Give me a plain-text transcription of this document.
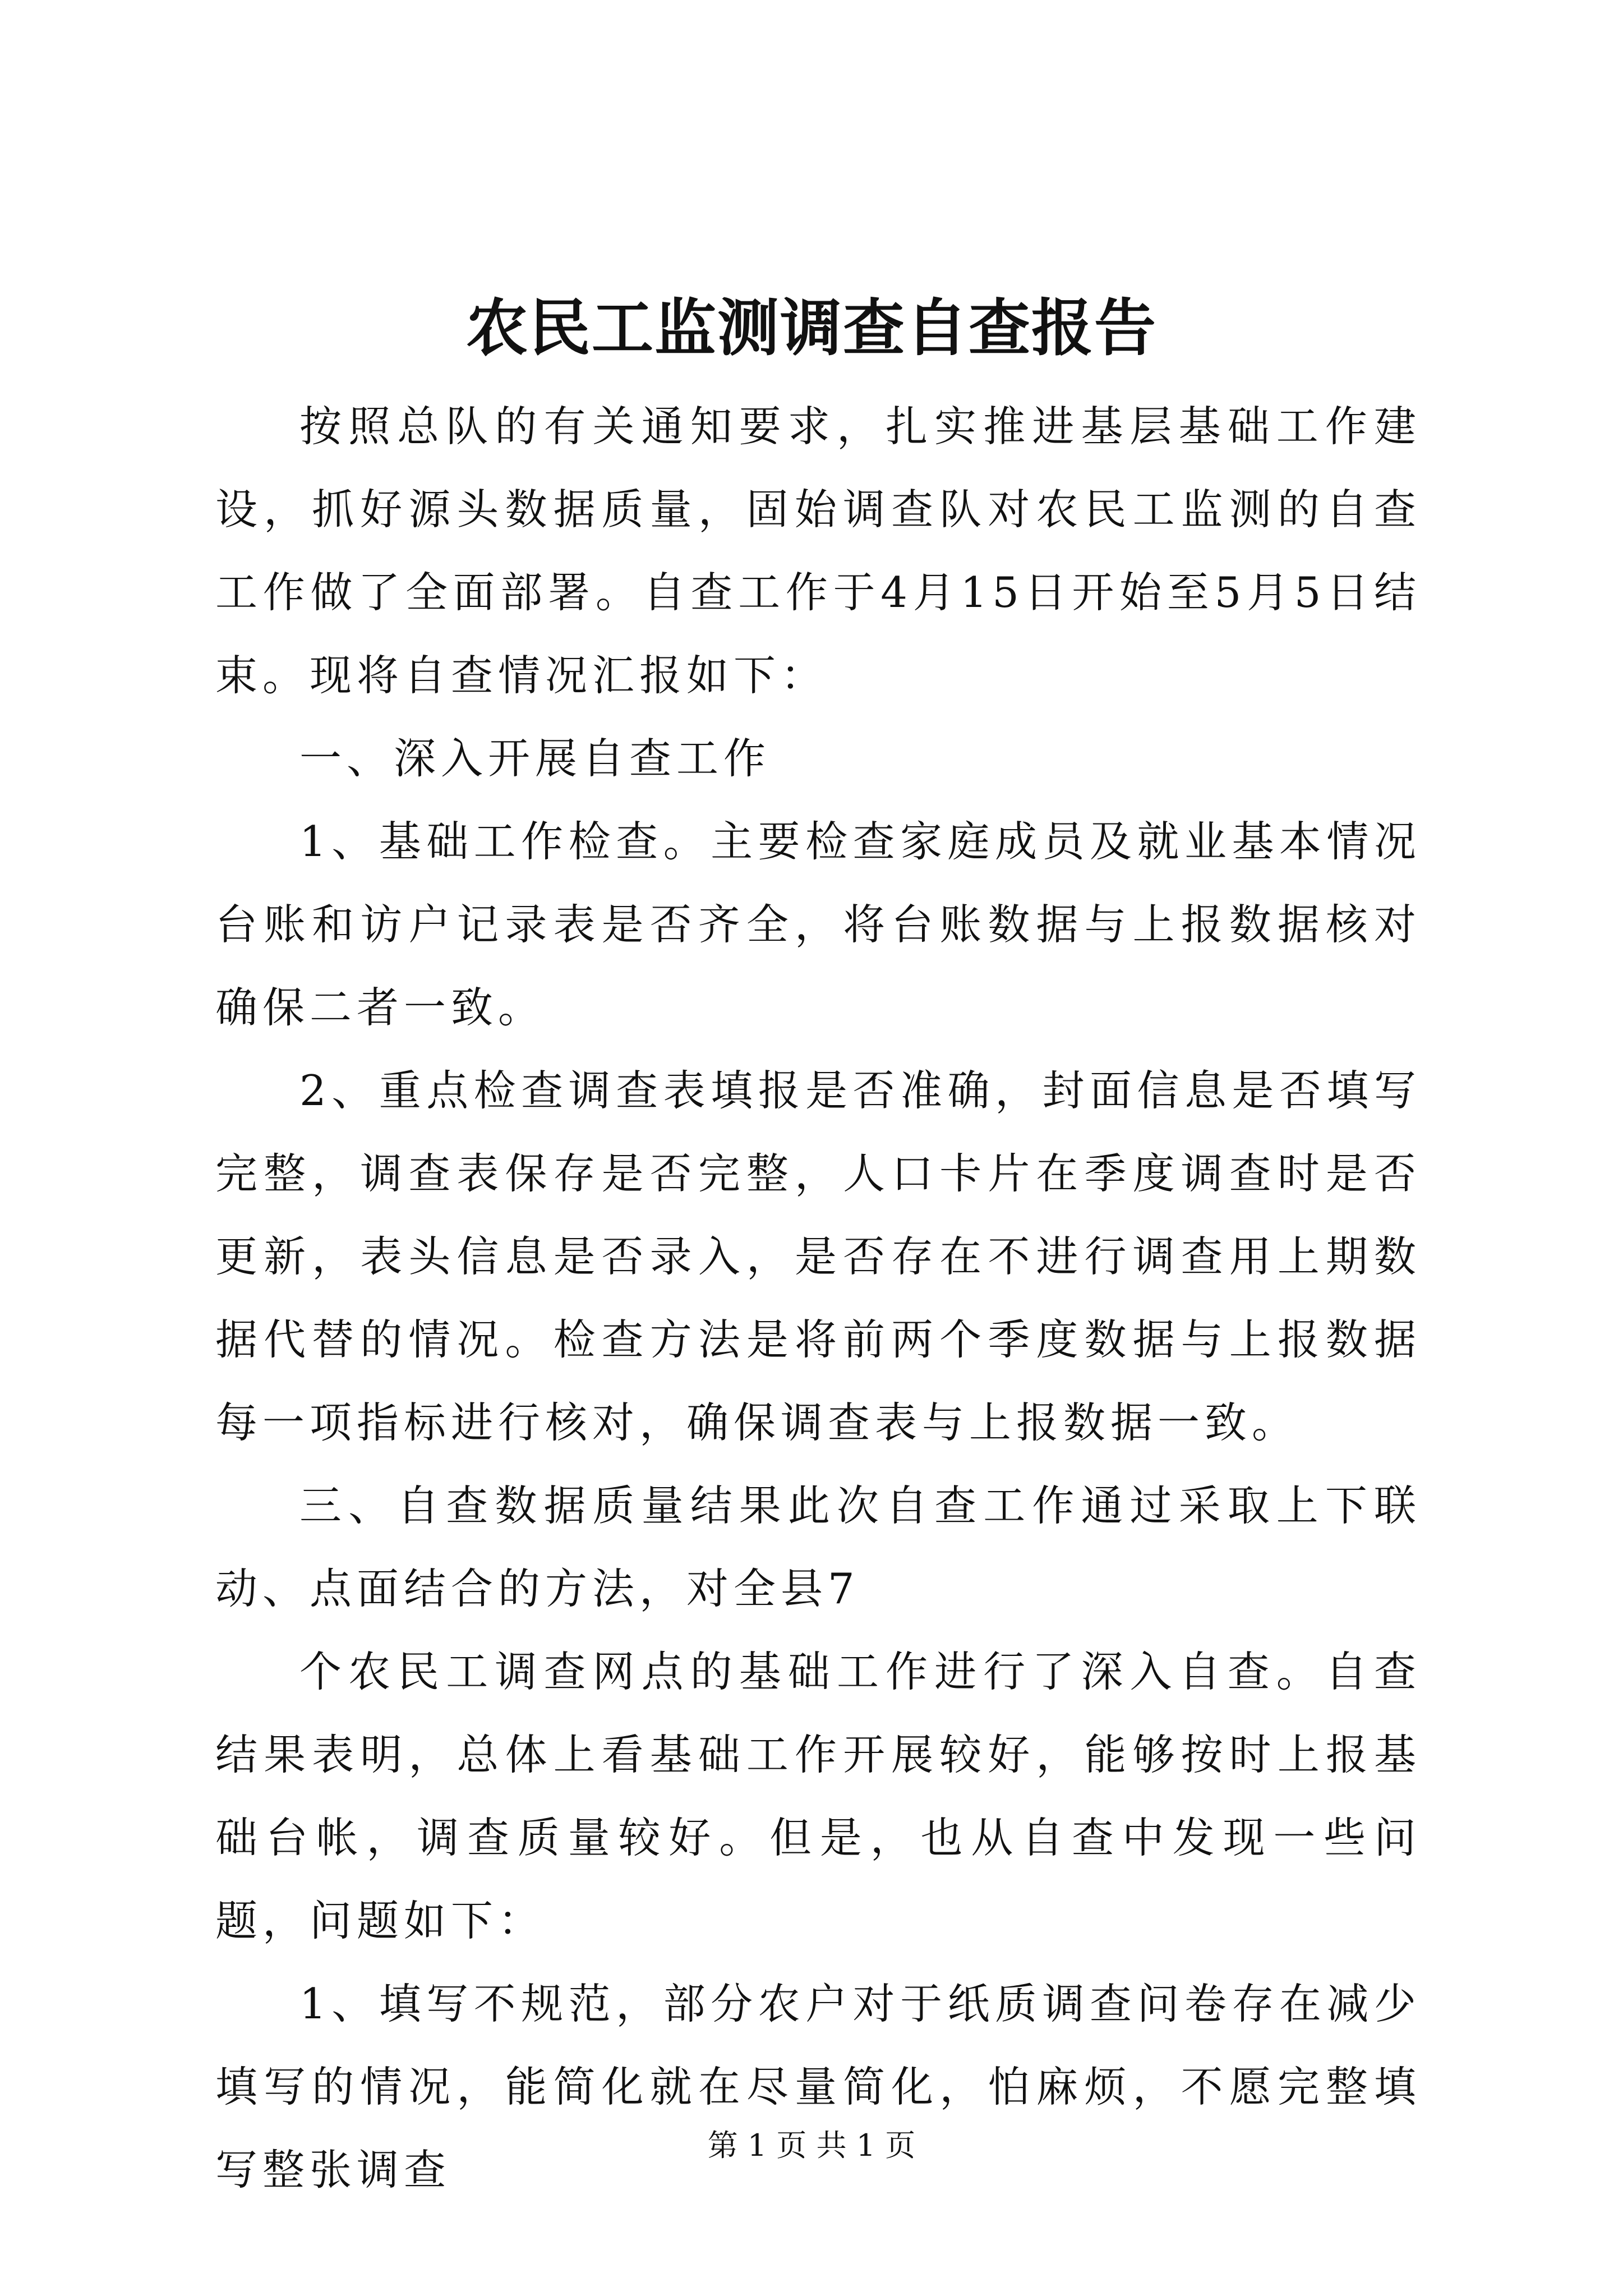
农民工监测调查自查报告

按照总队的有关通知要求，扎实推进基层基础工作建设，抓好源头数据质量，固始调查队对农民工监测的自查工作做了全面部署。自查工作于4月15日开始至5月5日结束。现将自查情况汇报如下：

一、深入开展自查工作

1、基础工作检查。主要检查家庭成员及就业基本情况台账和访户记录表是否齐全，将台账数据与上报数据核对确保二者一致。

2、重点检查调查表填报是否准确，封面信息是否填写完整，调查表保存是否完整，人口卡片在季度调查时是否更新，表头信息是否录入，是否存在不进行调查用上期数据代替的情况。检查方法是将前两个季度数据与上报数据每一项指标进行核对，确保调查表与上报数据一致。

三、自查数据质量结果此次自查工作通过采取上下联动、点面结合的方法，对全县7

个农民工调查网点的基础工作进行了深入自查。自查结果表明，总体上看基础工作开展较好，能够按时上报基础台帐，调查质量较好。但是，也从自查中发现一些问题，问题如下：

1、填写不规范，部分农户对于纸质调查问卷存在减少填写的情况，能简化就在尽量简化，怕麻烦，不愿完整填写整张调查	第 1 页 共 1 页
